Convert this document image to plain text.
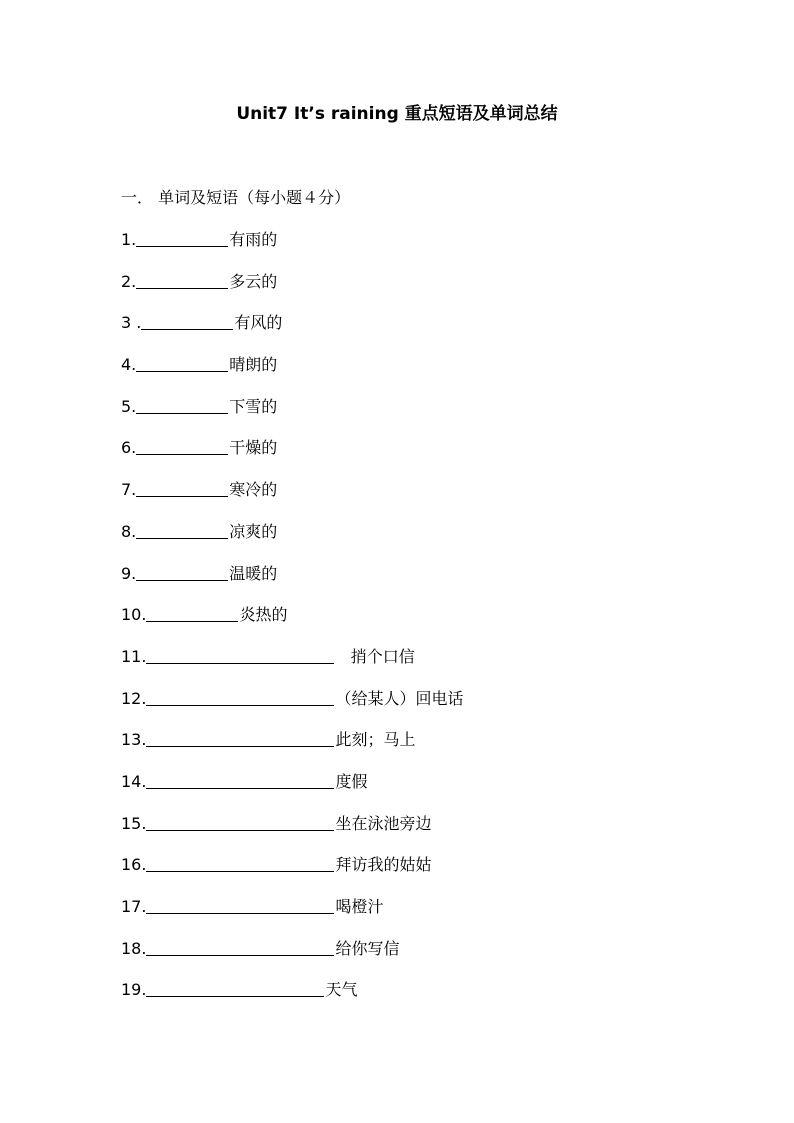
Unit7 It’s raining 重点短语及单词总结
一． 单词及短语（每小题４分）
1.	有雨的
2.	多云的
3 .	有风的
4.	晴朗的
5.	下雪的
6.	干燥的
7.	寒冷的
8.	凉爽的
9.	温暖的
10.	炎热的
11.	捎个口信
12.	（给某人）回电话
13.	此刻；马上
14.	度假
15.	坐在泳池旁边
16.	拜访我的姑姑
17.	喝橙汁
18.	给你写信
19.	天气
